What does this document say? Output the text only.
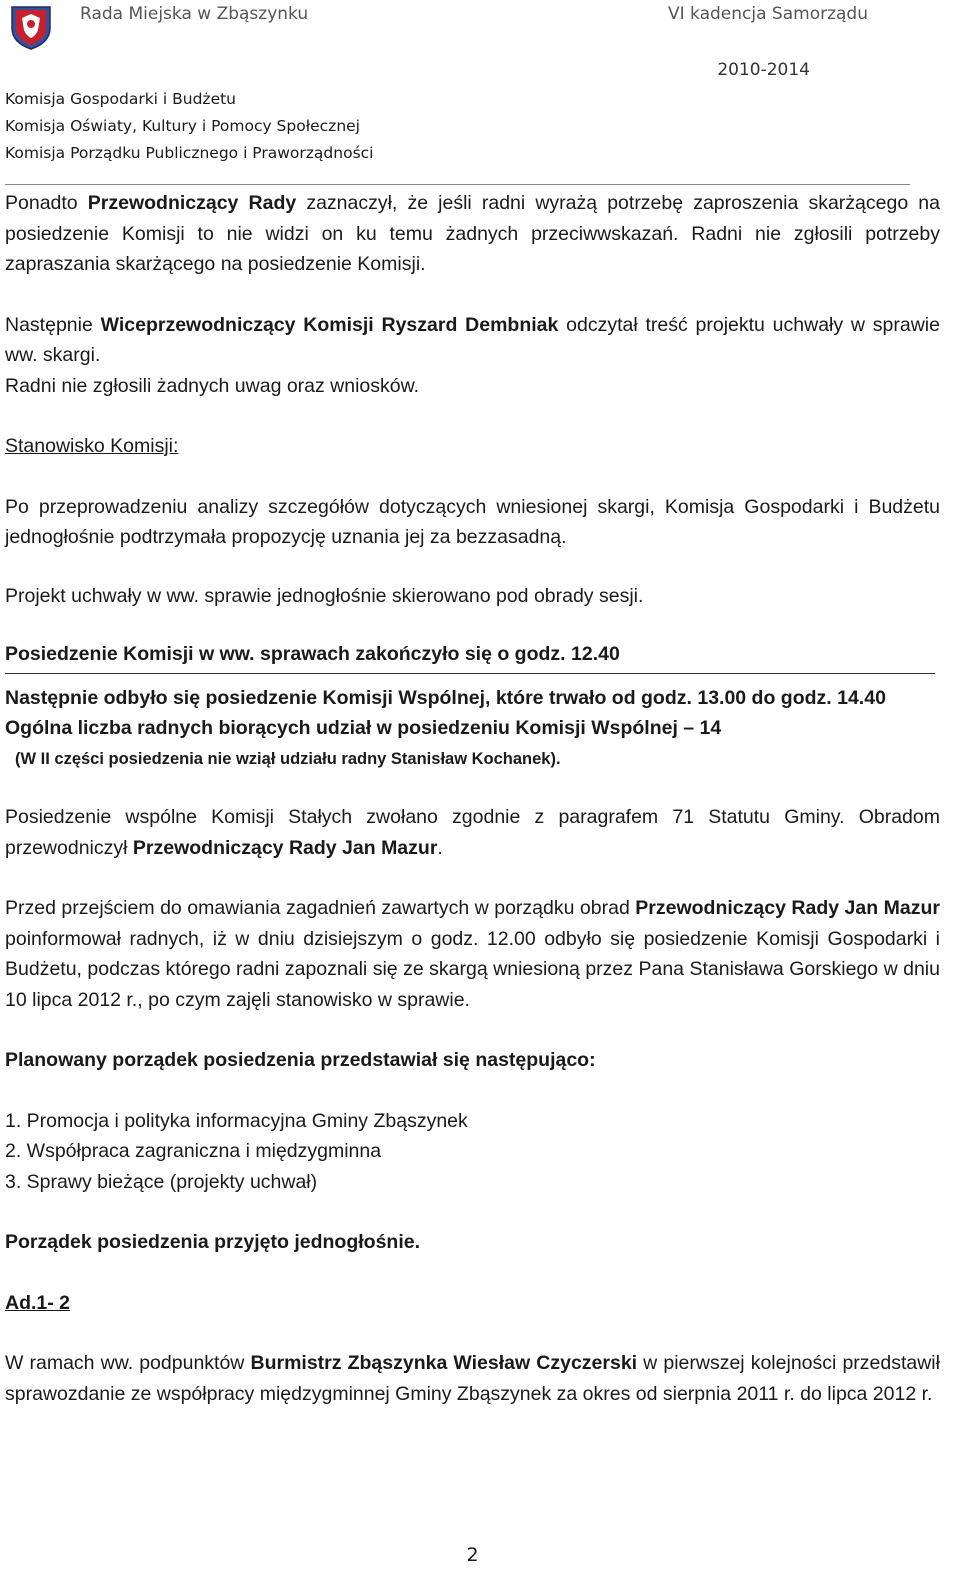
Rada Miejska w Zbąszynku	VI kadencja Samorządu
2010-2014
Komisja Gospodarki i Budżetu
Komisja Oświaty, Kultury i Pomocy Społecznej
Komisja Porządku Publicznego i Praworządności

Ponadto Przewodniczący Rady zaznaczył, że jeśli radni wyrażą potrzebę zaproszenia skarżącego na posiedzenie Komisji to nie widzi on ku temu żadnych przeciwwskazań. Radni nie zgłosili potrzeby zapraszania skarżącego na posiedzenie Komisji.

Następnie Wiceprzewodniczący Komisji Ryszard Dembniak odczytał treść projektu uchwały w sprawie ww. skargi.

Radni nie zgłosili żadnych uwag oraz wniosków.

Stanowisko Komisji:

Po przeprowadzeniu analizy szczegółów dotyczących wniesionej skargi, Komisja Gospodarki i Budżetu jednogłośnie podtrzymała propozycję uznania jej za bezzasadną.

Projekt uchwały w ww. sprawie jednogłośnie skierowano pod obrady sesji.

Posiedzenie Komisji w ww. sprawach zakończyło się o godz. 12.40

Następnie odbyło się posiedzenie Komisji Wspólnej, które trwało od godz. 13.00 do godz. 14.40

Ogólna liczba radnych biorących udział w posiedzeniu Komisji Wspólnej – 14

(W II części posiedzenia nie wziął udziału radny Stanisław Kochanek).

Posiedzenie wspólne Komisji Stałych zwołano zgodnie z paragrafem 71 Statutu Gminy. Obradom przewodniczył Przewodniczący Rady Jan Mazur.

Przed przejściem do omawiania zagadnień zawartych w porządku obrad Przewodniczący Rady Jan Mazur poinformował radnych, iż w dniu dzisiejszym o godz. 12.00 odbyło się posiedzenie Komisji Gospodarki i Budżetu, podczas którego radni zapoznali się ze skargą wniesioną przez Pana Stanisława Gorskiego w dniu 10 lipca 2012 r., po czym zajęli stanowisko w sprawie.

Planowany porządek posiedzenia przedstawiał się następująco:

1. Promocja i polityka informacyjna Gminy Zbąszynek

2. Współpraca zagraniczna i międzygminna

3. Sprawy bieżące (projekty uchwał)

Porządek posiedzenia przyjęto jednogłośnie.

Ad.1- 2

W ramach ww. podpunktów Burmistrz Zbąszynka Wiesław Czyczerski w pierwszej kolejności przedstawił sprawozdanie ze współpracy międzygminnej Gminy Zbąszynek za okres od sierpnia 2011 r. do lipca 2012 r.

2
